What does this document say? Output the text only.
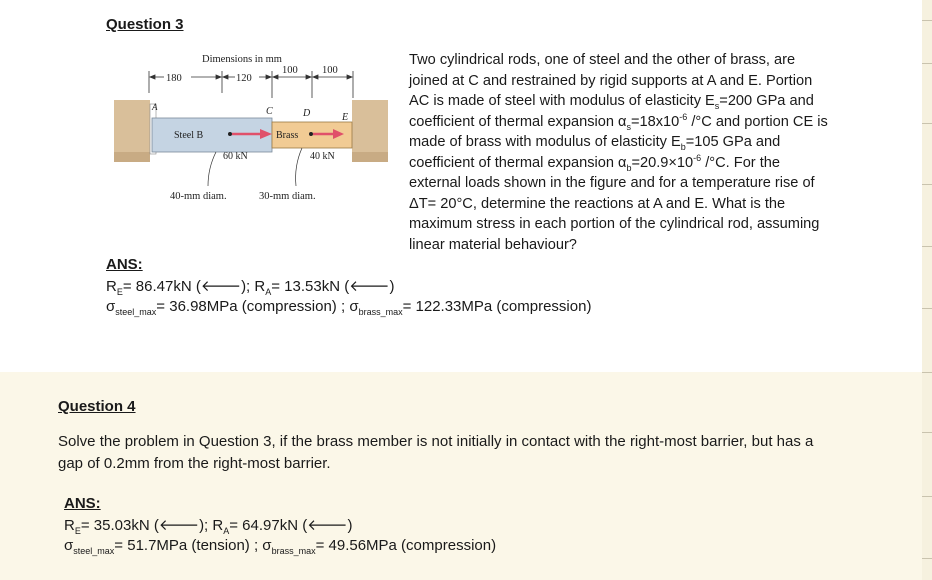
Question 3
Dimensions in mm
180	120
100 100
A	C	D	E
Steel B	Brass
60 kN	40 kN
40-mm diam.	30-mm diam.
Two cylindrical rods, one of steel and the other of brass, are joined at C and restrained by rigid supports at A and E. Portion AC is made of steel with modulus of elasticity $E_s=200$ GPa and coefficient of thermal expansion $\alpha_s=18x10^{-6}$ /°C and portion CE is made of brass with modulus of elasticity $E_b=105$ GPa and coefficient of thermal expansion $\alpha_b=20.9\times 10^{-6}$ /°C. For the external loads shown in the figure and for a temperature rise of ΔT= 20°C, determine the reactions at A and E. What is the maximum stress in each portion of the cylindrical rod, assuming linear material behaviour?
ANS:
$R_E= 86.47kN$ (🡐); $R_A= 13.53kN$ (🡐)
$\sigma_{steel\_max}= 36.98MPa$ (compression) ; $\sigma_{brass\_max}= 122.33MPa$ (compression)
Question 4
Solve the problem in Question 3, if the brass member is not initially in contact with the right-most barrier, but has a gap of 0.2mm from the right-most barrier.
ANS:
$R_E= 35.03kN$ (🡐); $R_A= 64.97kN$ (🡐)
$\sigma_{steel\_max}= 51.7MPa$ (tension) ; $\sigma_{brass\_max}= 49.56MPa$ (compression)
